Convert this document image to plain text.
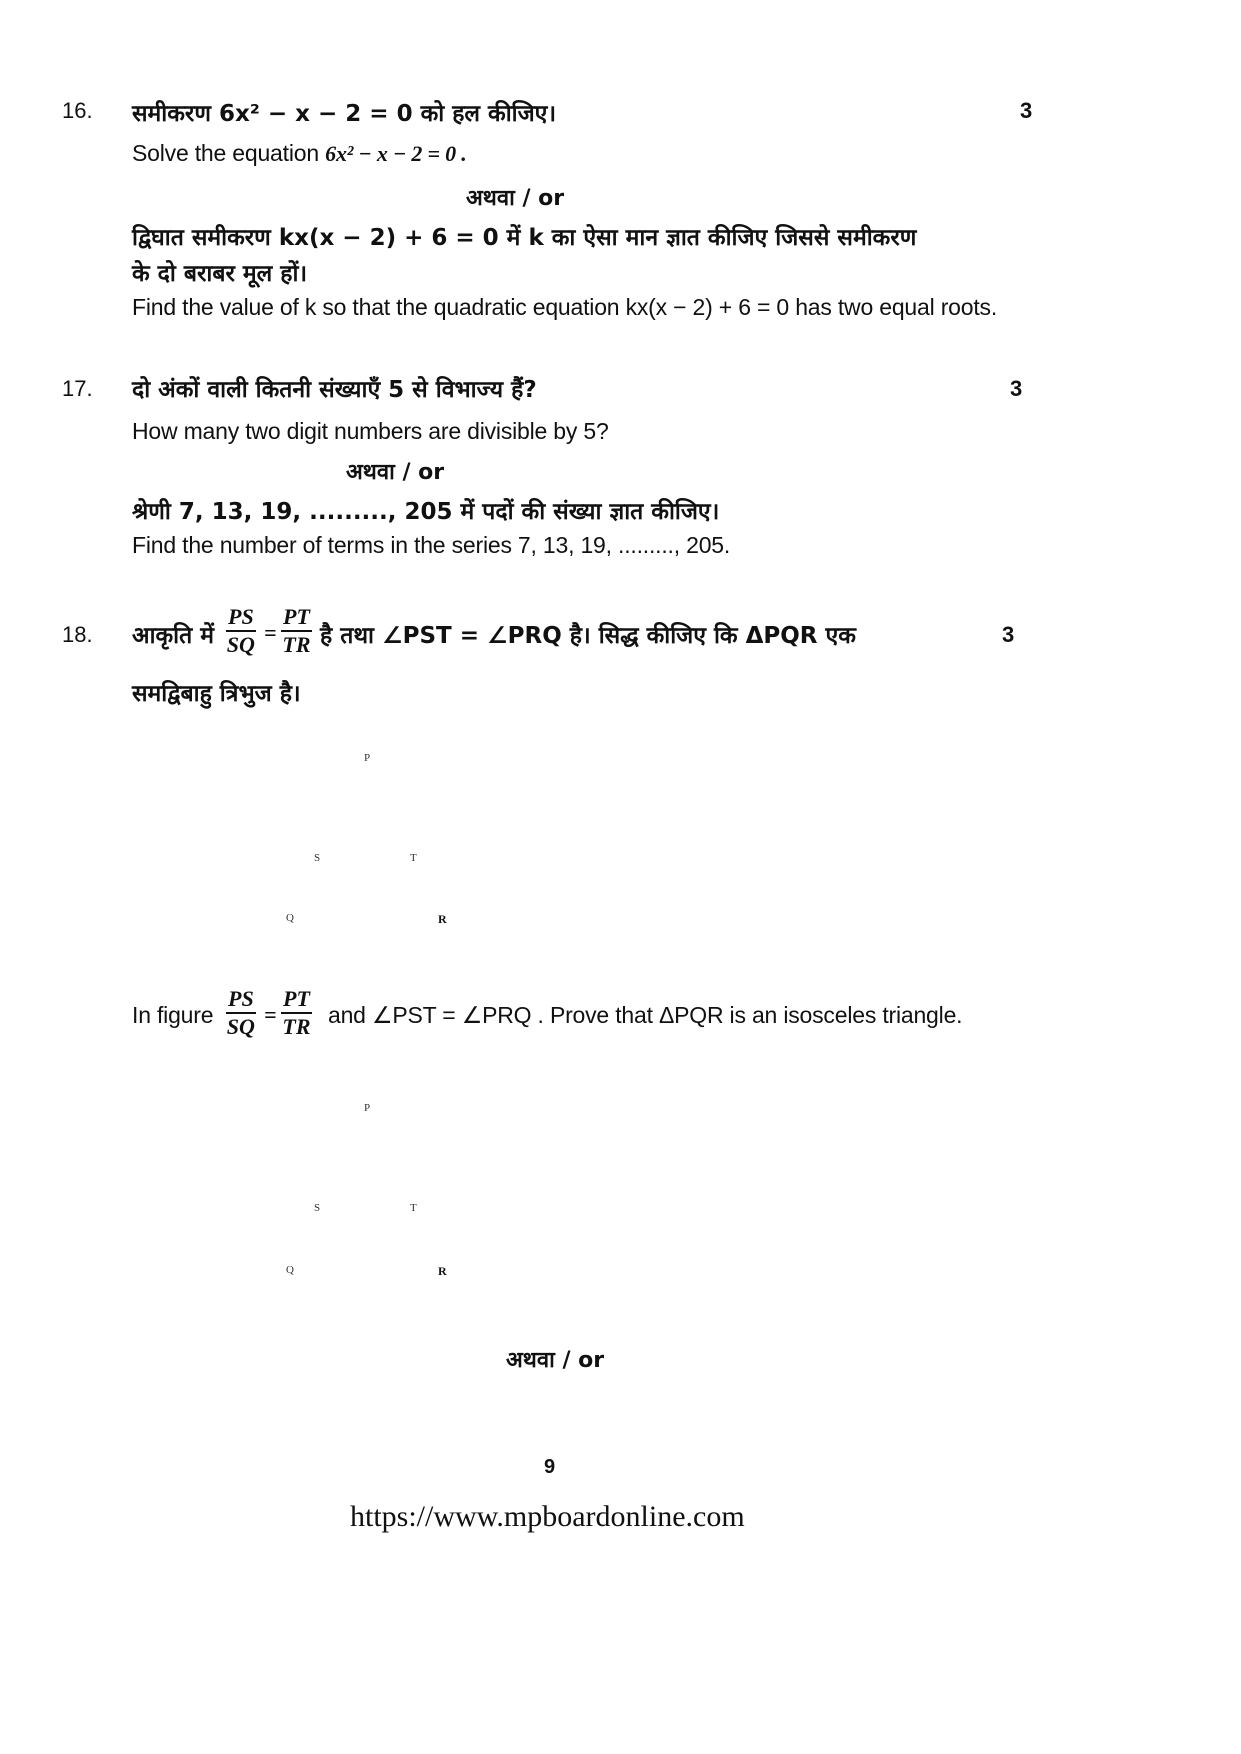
16. समीकरण 6x² − x − 2 = 0 को हल कीजिए।	3
Solve the equation 6x² − x − 2 = 0 .
अथवा / or
द्विघात समीकरण kx(x − 2) + 6 = 0 में k का ऐसा मान ज्ञात कीजिए जिससे समीकरण
के दो बराबर मूल हों।
Find the value of k so that the quadratic equation kx(x − 2) + 6 = 0 has two equal roots.
17. दो अंकों वाली कितनी संख्याएँ 5 से विभाज्य हैं?	3
How many two digit numbers are divisible by 5?
अथवा / or
श्रेणी 7, 13, 19, ........., 205 में पदों की संख्या ज्ञात कीजिए।
Find the number of terms in the series 7, 13, 19, ........., 205.
18. आकृति में $\frac{PS}{SQ} = \frac{PT}{TR}$ है तथा ∠PST = ∠PRQ है। सिद्ध कीजिए कि ΔPQR एक	3
समद्विबाहु त्रिभुज है।
P
S	T
Q	R
In figure $\frac{PS}{SQ} = \frac{PT}{TR}$ and ∠PST = ∠PRQ . Prove that ΔPQR is an isosceles triangle.
P
S	T
Q	R
अथवा / or
9
https://www.mpboardonline.com
